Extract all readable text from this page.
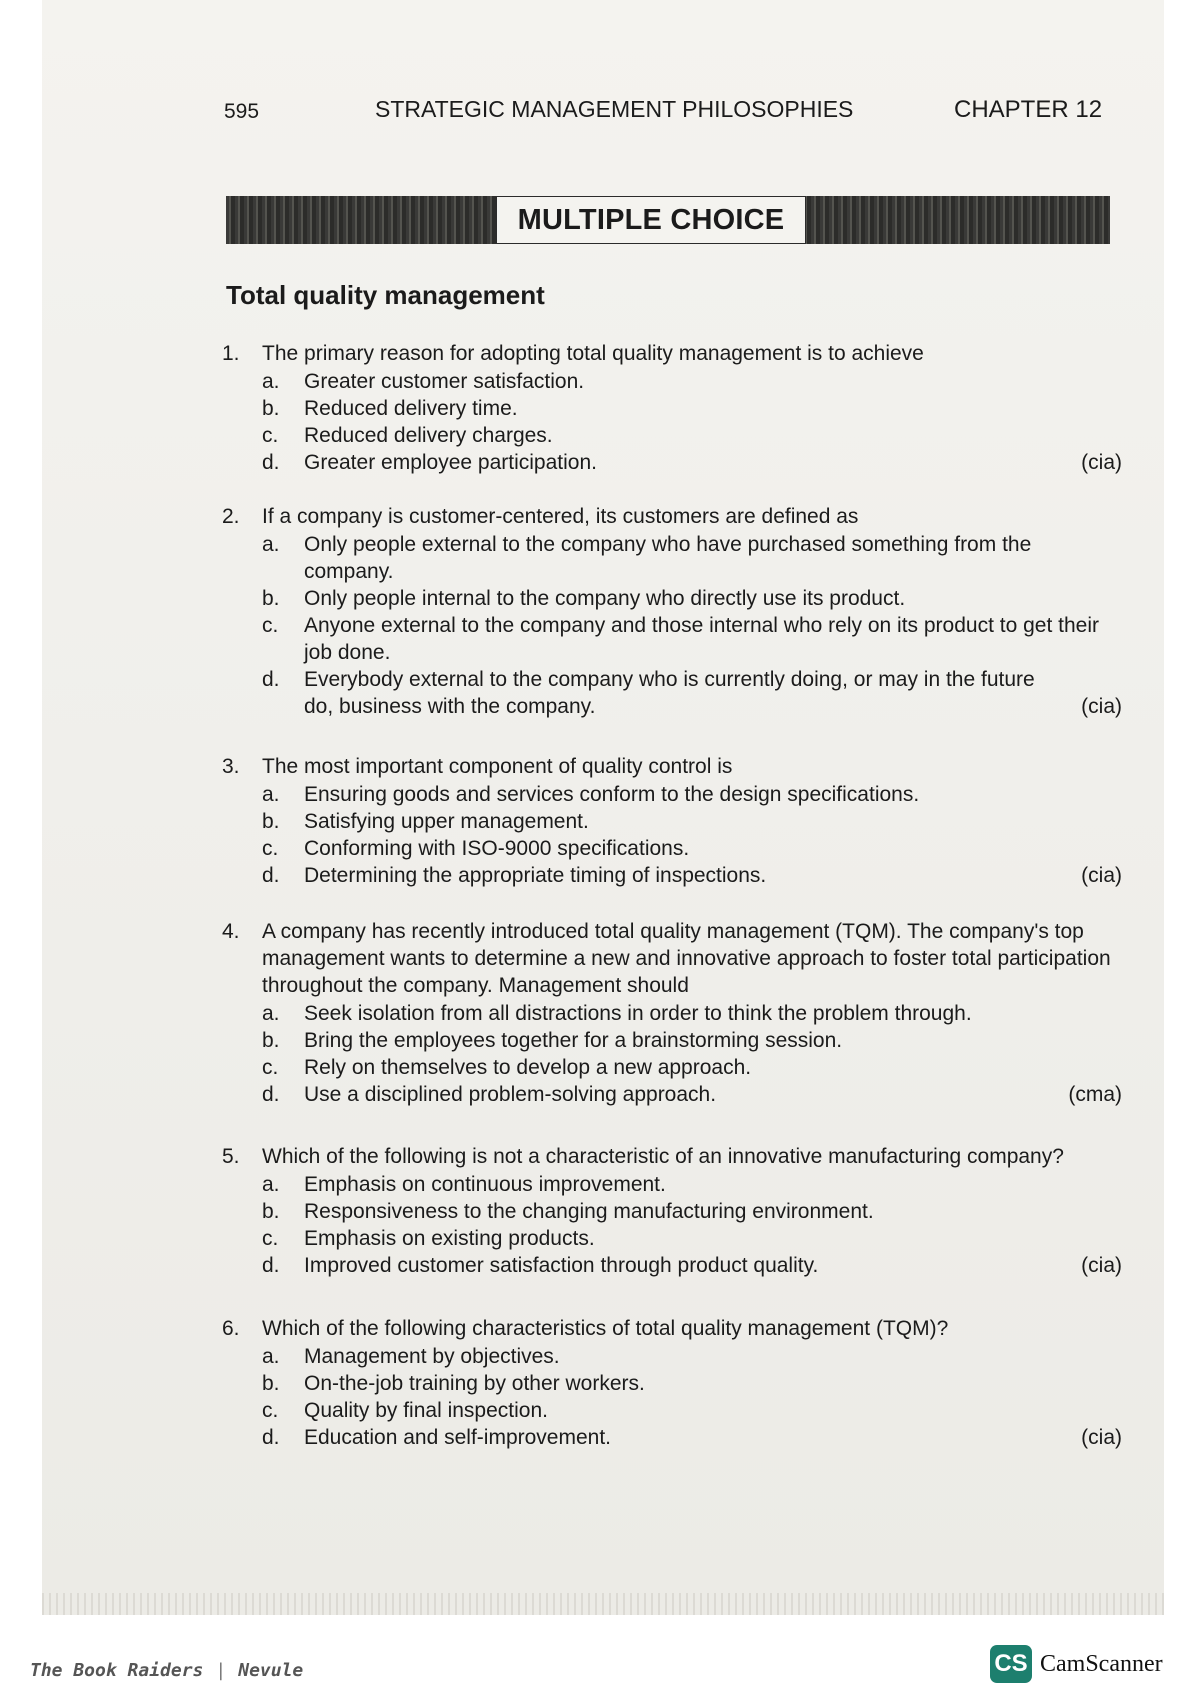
595	STRATEGIC MANAGEMENT PHILOSOPHIES	CHAPTER 12
MULTIPLE CHOICE
Total quality management
1. The primary reason for adopting total quality management is to achieve
a.	Greater customer satisfaction.
b.	Reduced delivery time.
c.	Reduced delivery charges.
d.	Greater employee participation.	(cia)
2. If a company is customer-centered, its customers are defined as
a.	Only people external to the company who have purchased something from the company.
b.	Only people internal to the company who directly use its product.
c.	Anyone external to the company and those internal who rely on its product to get their job done.
d.	Everybody external to the company who is currently doing, or may in the future do, business with the company.	(cia)
3. The most important component of quality control is
a.	Ensuring goods and services conform to the design specifications.
b.	Satisfying upper management.
c.	Conforming with ISO-9000 specifications.
d.	Determining the appropriate timing of inspections.	(cia)
4. A company has recently introduced total quality management (TQM). The company's top management wants to determine a new and innovative approach to foster total participation throughout the company. Management should
a.	Seek isolation from all distractions in order to think the problem through.
b.	Bring the employees together for a brainstorming session.
c.	Rely on themselves to develop a new approach.
d.	Use a disciplined problem-solving approach.	(cma)
5. Which of the following is not a characteristic of an innovative manufacturing company?
a.	Emphasis on continuous improvement.
b.	Responsiveness to the changing manufacturing environment.
c.	Emphasis on existing products.
d.	Improved customer satisfaction through product quality.	(cia)
6. Which of the following characteristics of total quality management (TQM)?
a.	Management by objectives.
b.	On-the-job training by other workers.
c.	Quality by final inspection.
d.	Education and self-improvement.	(cia)
The Book Raiders | Nevule	CS CamScanner
